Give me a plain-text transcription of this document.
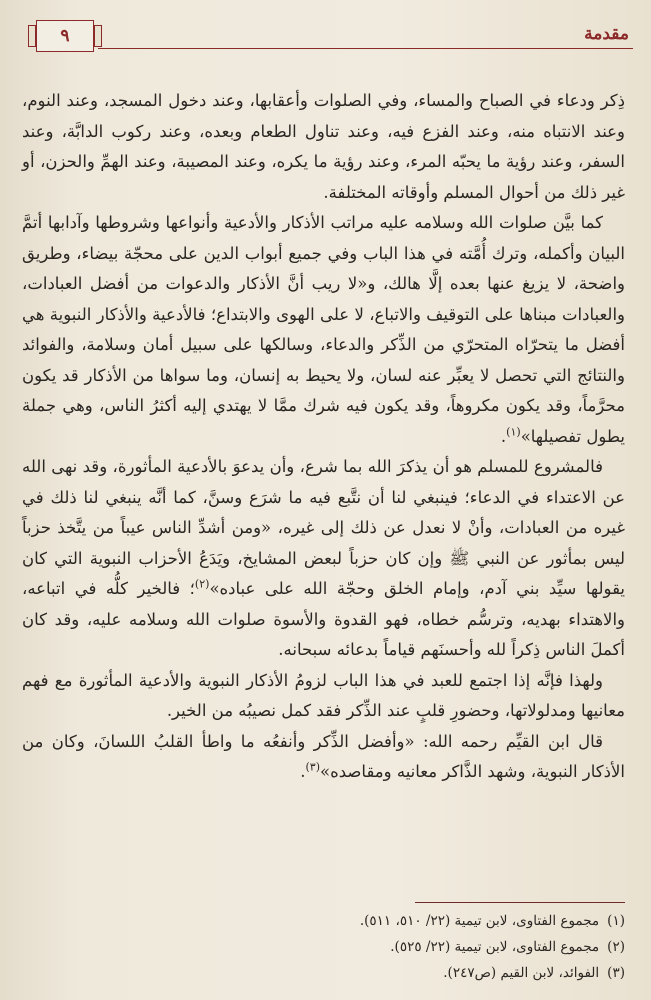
مقدمة
٩

ذِكر ودعاء في الصباح والمساء، وفي الصلوات وأعقابها، وعند دخول المسجد، وعند النوم، وعند الانتباه منه، وعند الفزع فيه، وعند تناول الطعام وبعده، وعند ركوب الدابَّة، وعند السفر، وعند رؤية ما يحبّه المرء، وعند رؤية ما يكره، وعند المصيبة، وعند الهمِّ والحزن، أو غير ذلك من أحوال المسلم وأوقاته المختلفة.

كما بيَّن صلوات الله وسلامه عليه مراتب الأذكار والأدعية وأنواعها وشروطها وآدابها أتمَّ البيان وأكمله، وترك أُمَّته في هذا الباب وفي جميع أبواب الدين على محجّة بيضاء، وطريق واضحة، لا يزيغ عنها بعده إلَّا هالك، و«لا ريب أنَّ الأذكار والدعوات من أفضل العبادات، والعبادات مبناها على التوقيف والاتباع، لا على الهوى والابتداع؛ فالأدعية والأذكار النبوية هي أفضل ما يتحرّاه المتحرّي من الذِّكر والدعاء، وسالكها على سبيل أمان وسلامة، والفوائد والنتائج التي تحصل لا يعبِّر عنه لسان، ولا يحيط به إنسان، وما سواها من الأذكار قد يكون محرَّماً، وقد يكون مكروهاً، وقد يكون فيه شرك ممَّا لا يهتدي إليه أكثرُ الناس، وهي جملة يطول تفصيلها»$^{(١)}$.

فالمشروع للمسلم هو أن يذكرَ الله بما شرع، وأن يدعوَ بالأدعية المأثورة، وقد نهى الله عن الاعتداء في الدعاء؛ فينبغي لنا أن نتَّبع فيه ما شرَع وسنَّ، كما أنَّه ينبغي لنا ذلك في غيره من العبادات، وأنْ لا نعدل عن ذلك إلى غيره، «ومن أشدِّ الناس عيباً من يتَّخذ حزباً ليس بمأثور عن النبي ﷺ وإن كان حزباً لبعض المشايخ، ويَدَعُ الأحزاب النبوية التي كان يقولها سيِّد بني آدم، وإمام الخلق وحجّة الله على عباده»$^{(٢)}$؛ فالخير كلُّه في اتباعه، والاهتداء بهديه، وترسُّم خطاه، فهو القدوة والأسوة صلوات الله وسلامه عليه، وقد كان أكملَ الناس ذِكراً لله وأحسنَهم قياماً بدعائه سبحانه.

ولهذا فإنَّه إذا اجتمع للعبد في هذا الباب لزومُ الأذكار النبوية والأدعية المأثورة مع فهم معانيها ومدلولاتها، وحضورِ قلبٍ عند الذِّكر فقد كمل نصيبُه من الخير.

قال ابن القيِّم رحمه الله: «وأفضل الذِّكر وأنفعُه ما واطأ القلبُ اللسانَ، وكان من الأذكار النبوية، وشهد الذَّاكر معانيه ومقاصده»$^{(٣)}$.

(١)
مجموع الفتاوى، لابن تيمية (٢٢/ ٥١٠، ٥١١).
(٢)
مجموع الفتاوى، لابن تيمية (٢٢/ ٥٢٥).
(٣)
الفوائد، لابن القيم (ص٢٤٧).
